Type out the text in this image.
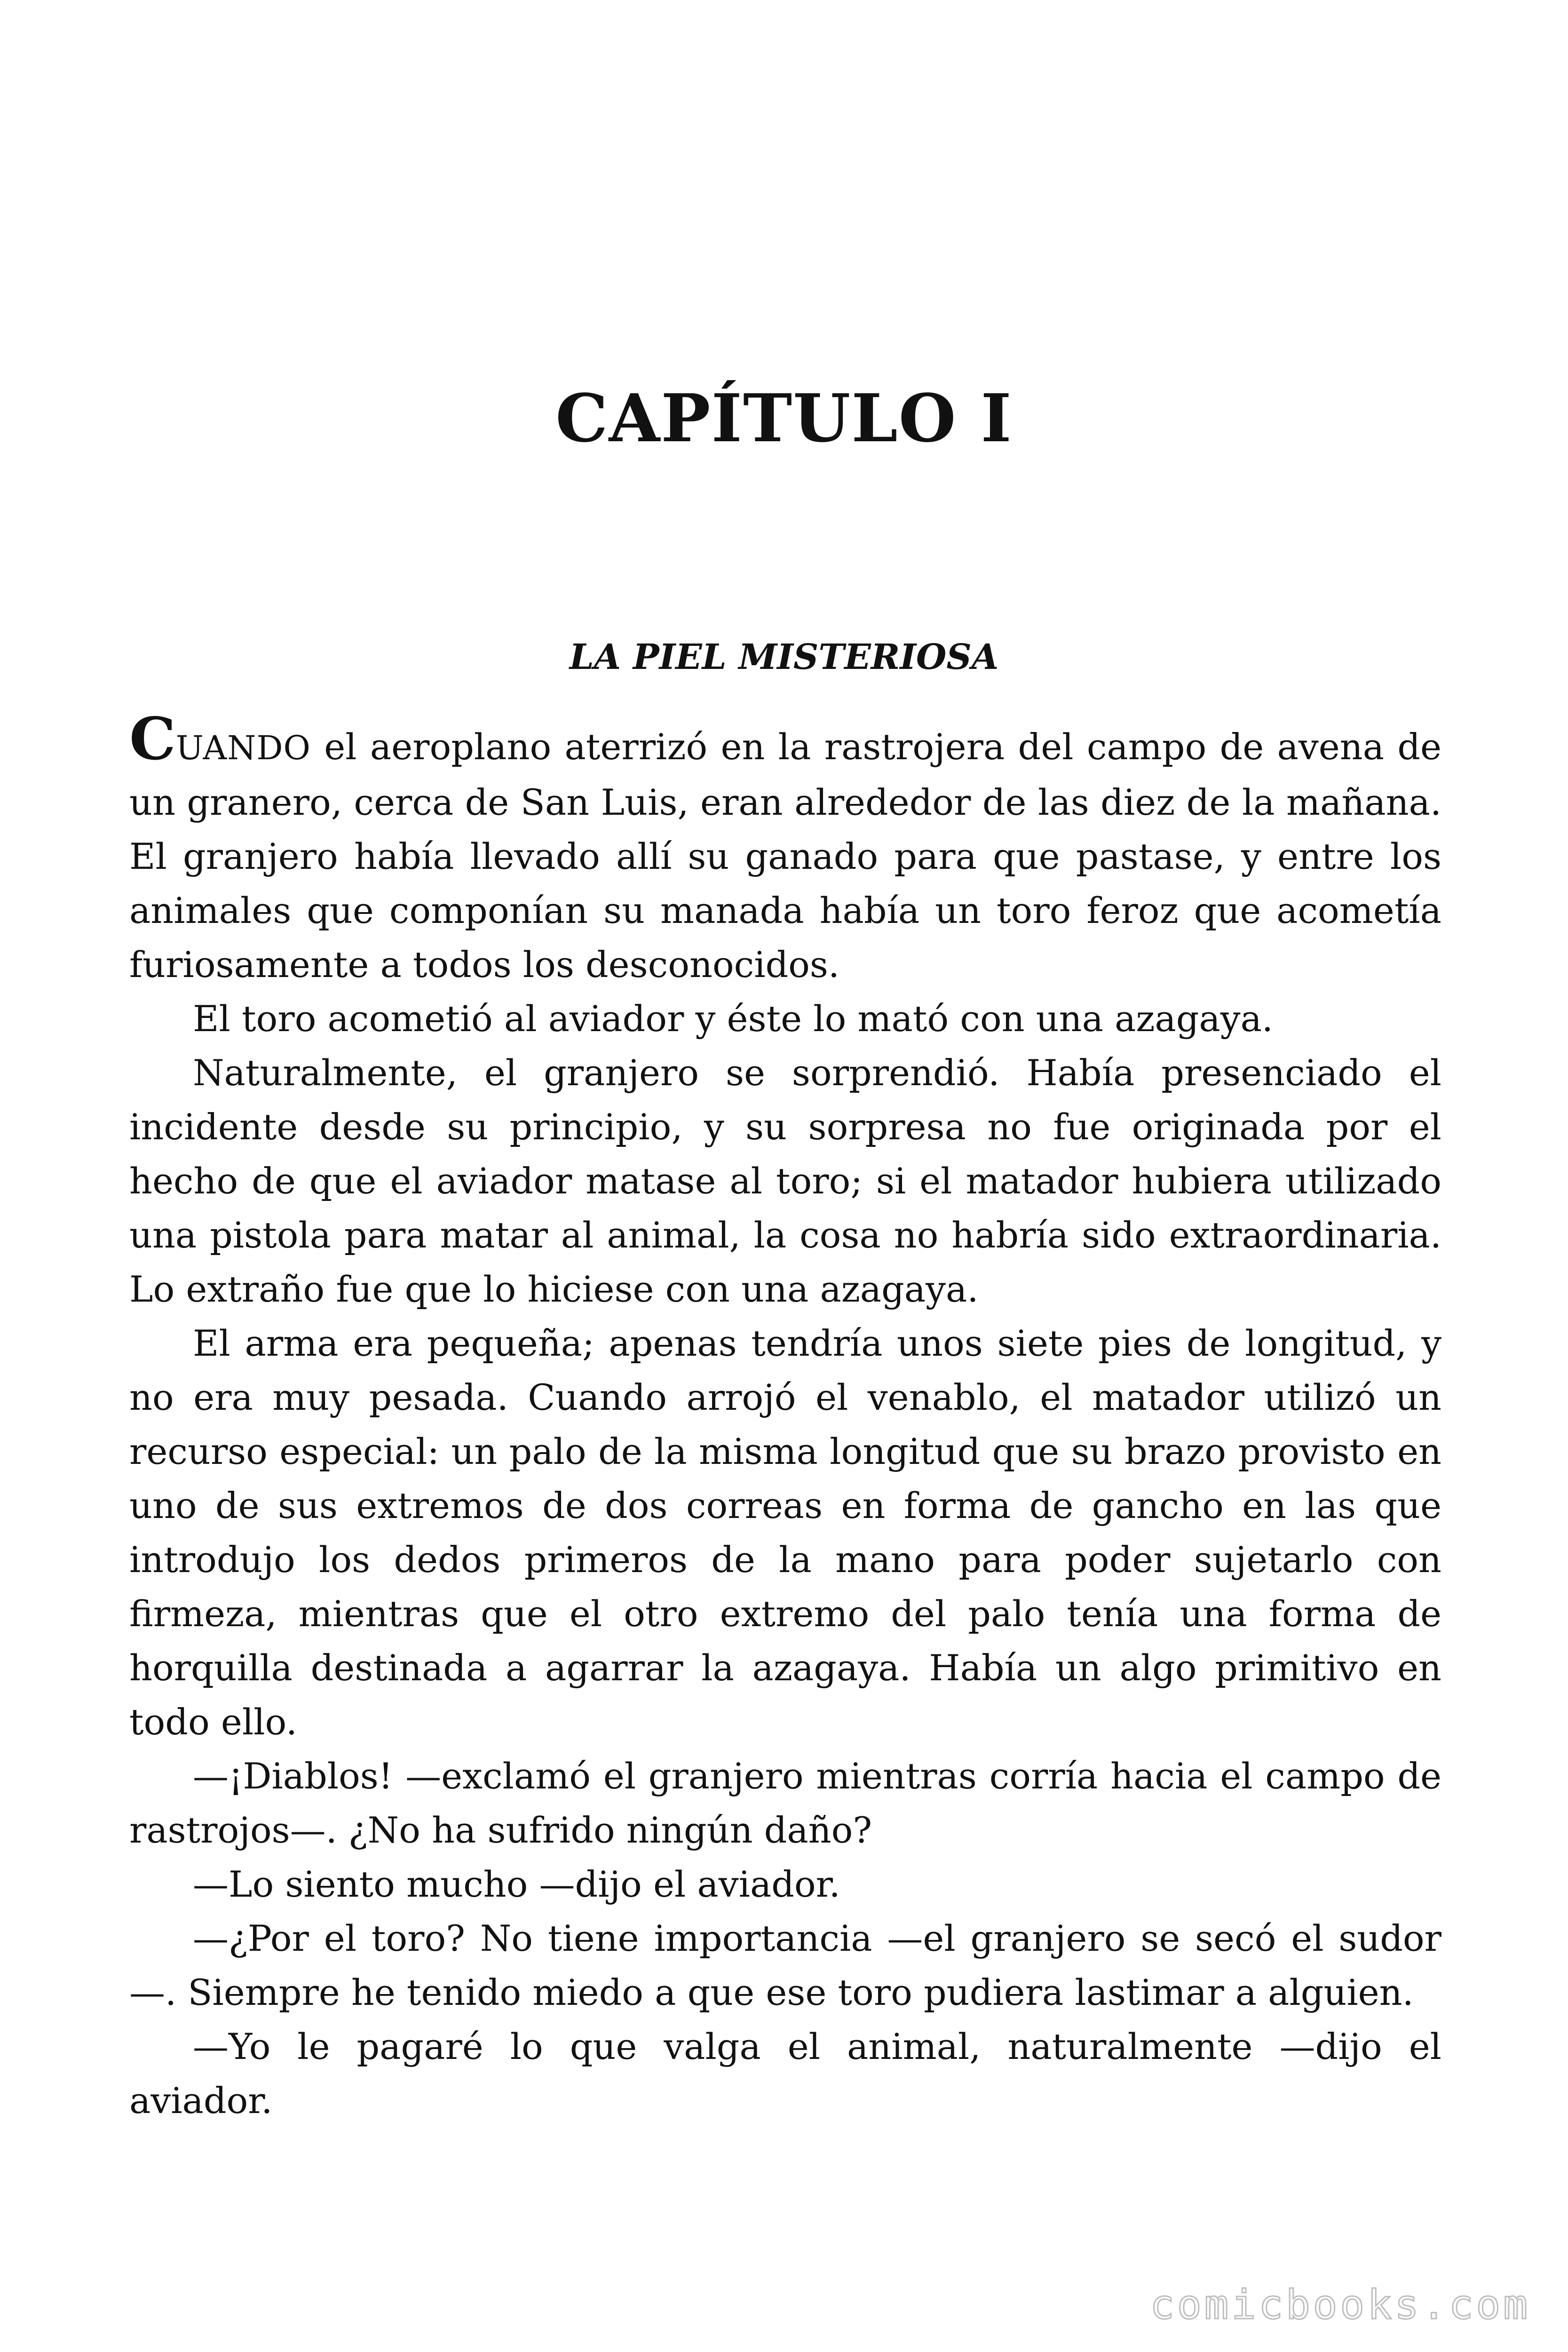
CAPÍTULO I
LA PIEL MISTERIOSA

CUANDO el aeroplano aterrizó en la rastrojera del campo de avena de un granero, cerca de San Luis, eran alrededor de las diez de la mañana. El granjero había llevado allí su ganado para que pastase, y entre los animales que componían su manada había un toro feroz que acometía furiosamente a todos los desconocidos.

El toro acometió al aviador y éste lo mató con una azagaya.

Naturalmente, el granjero se sorprendió. Había presenciado el incidente desde su principio, y su sorpresa no fue originada por el hecho de que el aviador matase al toro; si el matador hubiera utilizado una pistola para matar al animal, la cosa no habría sido extraordinaria. Lo extraño fue que lo hiciese con una azagaya.

El arma era pequeña; apenas tendría unos siete pies de longitud, y no era muy pesada. Cuando arrojó el venablo, el matador utilizó un recurso especial: un palo de la misma longitud que su brazo provisto en uno de sus extremos de dos correas en forma de gancho en las que introdujo los dedos primeros de la mano para poder sujetarlo con firmeza, mientras que el otro extremo del palo tenía una forma de horquilla destinada a agarrar la azagaya. Había un algo primitivo en todo ello.

—¡Diablos! —exclamó el granjero mientras corría hacia el campo de rastrojos—. ¿No ha sufrido ningún daño?

—Lo siento mucho —dijo el aviador.

—¿Por el toro? No tiene importancia —el granjero se secó el sudor—. Siempre he tenido miedo a que ese toro pudiera lastimar a alguien.

—Yo le pagaré lo que valga el animal, naturalmente —dijo el aviador.

comicbooks.com
